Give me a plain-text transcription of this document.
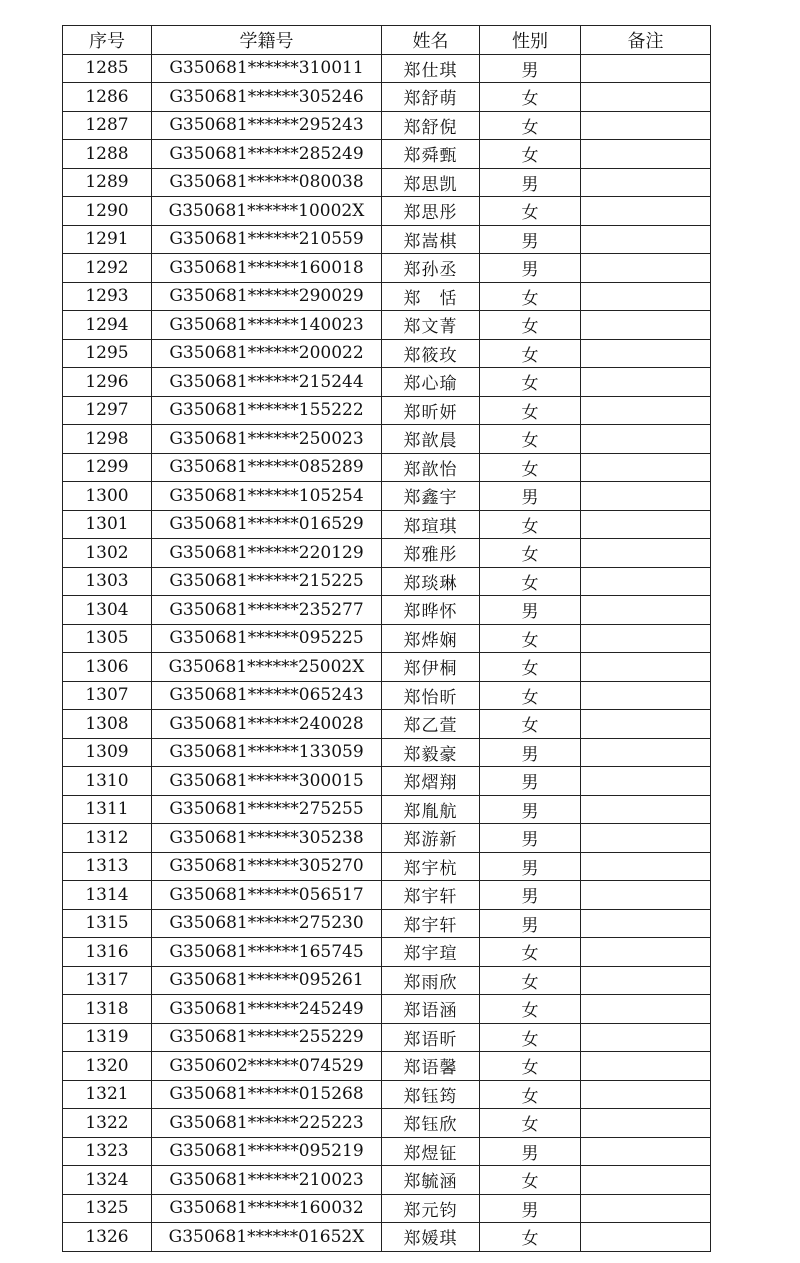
序号	学籍号	姓名	性别	备注
1285	G350681******310011	郑仕琪	男	
1286	G350681******305246	郑舒萌	女	
1287	G350681******295243	郑舒倪	女	
1288	G350681******285249	郑舜甄	女	
1289	G350681******080038	郑思凯	男	
1290	G350681******10002X	郑思彤	女	
1291	G350681******210559	郑嵩棋	男	
1292	G350681******160018	郑孙丞	男	
1293	G350681******290029	郑　恬	女	
1294	G350681******140023	郑文菁	女	
1295	G350681******200022	郑筱玫	女	
1296	G350681******215244	郑心瑜	女	
1297	G350681******155222	郑昕妍	女	
1298	G350681******250023	郑歆晨	女	
1299	G350681******085289	郑歆怡	女	
1300	G350681******105254	郑鑫宇	男	
1301	G350681******016529	郑瑄琪	女	
1302	G350681******220129	郑雅彤	女	
1303	G350681******215225	郑琰琳	女	
1304	G350681******235277	郑晔怀	男	
1305	G350681******095225	郑烨娴	女	
1306	G350681******25002X	郑伊桐	女	
1307	G350681******065243	郑怡昕	女	
1308	G350681******240028	郑乙萱	女	
1309	G350681******133059	郑毅豪	男	
1310	G350681******300015	郑熠翔	男	
1311	G350681******275255	郑胤航	男	
1312	G350681******305238	郑游新	男	
1313	G350681******305270	郑宇杭	男	
1314	G350681******056517	郑宇轩	男	
1315	G350681******275230	郑宇轩	男	
1316	G350681******165745	郑宇瑄	女	
1317	G350681******095261	郑雨欣	女	
1318	G350681******245249	郑语涵	女	
1319	G350681******255229	郑语昕	女	
1320	G350602******074529	郑语馨	女	
1321	G350681******015268	郑钰筠	女	
1322	G350681******225223	郑钰欣	女	
1323	G350681******095219	郑煜钲	男	
1324	G350681******210023	郑毓涵	女	
1325	G350681******160032	郑元钧	男	
1326	G350681******01652X	郑媛琪	女	
